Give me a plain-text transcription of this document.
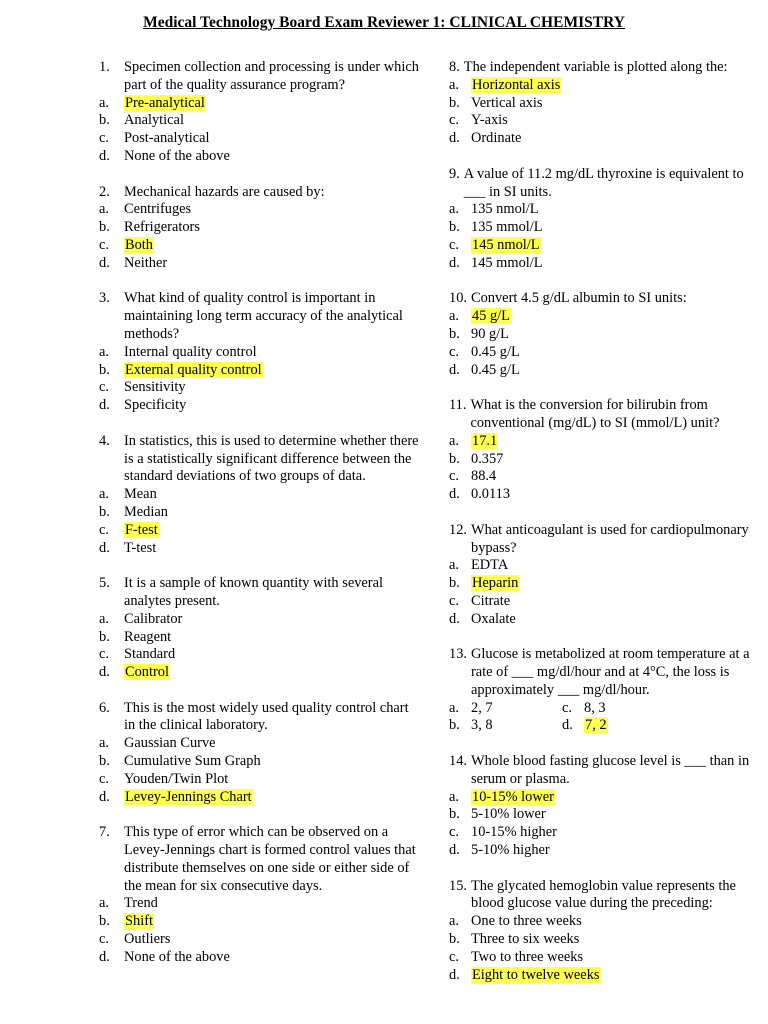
Medical Technology Board Exam Reviewer 1: CLINICAL CHEMISTRY
1. Specimen collection and processing is under which part of the quality assurance program?
a.	Pre-analytical
b. Analytical
c.	Post-analytical
d. None of the above
2. Mechanical hazards are caused by:
a.	Centrifuges
b. Refrigerators
c.	Both
d. Neither
3. What kind of quality control is important in maintaining long term accuracy of the analytical methods?
a.	Internal quality control
b.	External quality control
c.	Sensitivity
d. Specificity
4. In statistics, this is used to determine whether there is a statistically significant difference between the standard deviations of two groups of data.
a.	Mean
b. Median
c.	F-test
d. T-test
5. It is a sample of known quantity with several analytes present.
a.	Calibrator
b. Reagent
c.	Standard
d.	Control
6. This is the most widely used quality control chart in the clinical laboratory.
a.	Gaussian Curve
b. Cumulative Sum Graph
c.	Youden/Twin Plot
d.	Levey-Jennings Chart
7. This type of error which can be observed on a Levey-Jennings chart is formed control values that distribute themselves on one side or either side of the mean for six consecutive days.
a.	Trend
b.	Shift
c.	Outliers
d. None of the above
8. The independent variable is plotted along the:
a. Horizontal axis
b. Vertical axis
c. Y-axis
d. Ordinate
9. A value of 11.2 mg/dL thyroxine is equivalent to ___ in SI units.
a. 135 nmol/L
b. 135 mmol/L
c. 145 nmol/L
d. 145 mmol/L
10. Convert 4.5 g/dL albumin to SI units:
a. 45 g/L
b. 90 g/L
c. 0.45 g/L
d. 0.45 g/L
11. What is the conversion for bilirubin from conventional (mg/dL) to SI (mmol/L) unit?
a. 17.1
b. 0.357
c. 88.4
d. 0.0113
12. What anticoagulant is used for cardiopulmonary bypass?
a. EDTA
b. Heparin
c. Citrate
d. Oxalate
13. Glucose is metabolized at room temperature at a rate of ___ mg/dl/hour and at 4°C, the loss is approximately ___ mg/dl/hour.
a. 2, 7	c. 8, 3
b. 3, 8	d. 7, 2
14. Whole blood fasting glucose level is ___ than in serum or plasma.
a. 10-15% lower
b. 5-10% lower
c. 10-15% higher
d. 5-10% higher
15. The glycated hemoglobin value represents the blood glucose value during the preceding:
a. One to three weeks
b. Three to six weeks
c. Two to three weeks
d. Eight to twelve weeks
